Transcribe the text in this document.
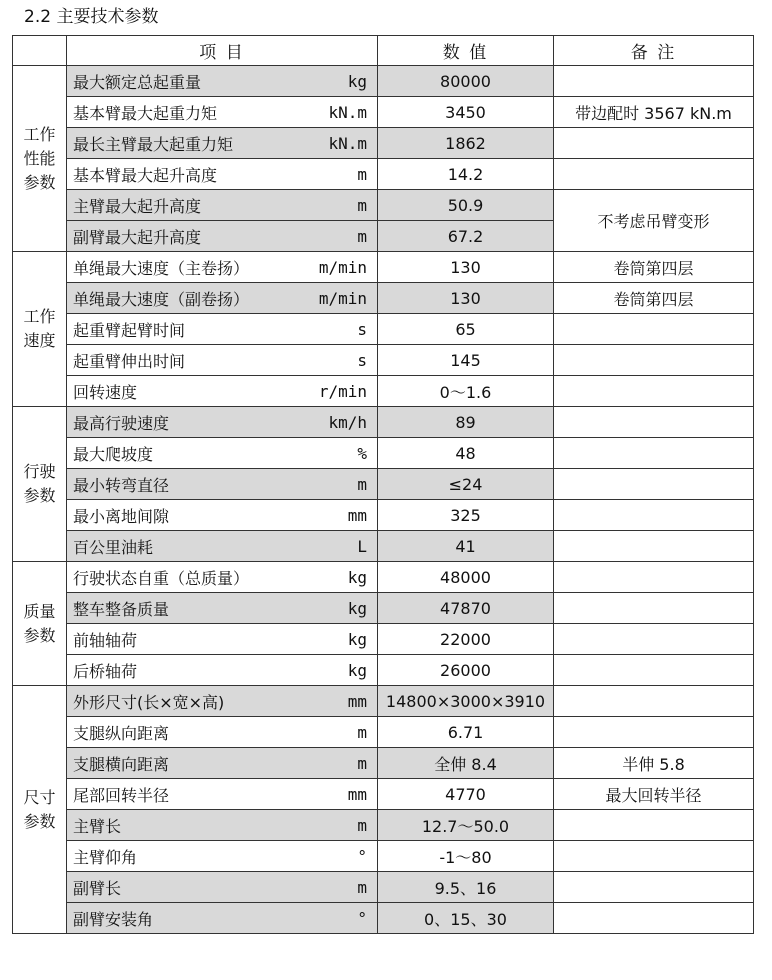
2.2 主要技术参数
	项 目		数 值	备 注
工作
性能
参数	最大额定总起重量	kg	80000	
	基本臂最大起重力矩	kN.m	3450	带边配时 3567 kN.m
	最长主臂最大起重力矩	kN.m	1862	
	基本臂最大起升高度	m	14.2	
	主臂最大起升高度	m	50.9	不考虑吊臂变形
	副臂最大起升高度	m	67.2	
工作
速度	单绳最大速度（主卷扬）	m/min	130	卷筒第四层
	单绳最大速度（副卷扬）	m/min	130	卷筒第四层
	起重臂起臂时间	s	65	
	起重臂伸出时间	s	145	
	回转速度	r/min	0～1.6	
行驶
参数	最高行驶速度	km/h	89	
	最大爬坡度	%	48	
	最小转弯直径	m	≤24	
	最小离地间隙	mm	325	
	百公里油耗	L	41	
质量
参数	行驶状态自重（总质量）	kg	48000	
	整车整备质量	kg	47870	
	前轴轴荷	kg	22000	
	后桥轴荷	kg	26000	
尺寸
参数	外形尺寸(长×宽×高)	mm	14800×3000×3910	
	支腿纵向距离	m	6.71	
	支腿横向距离	m	全伸 8.4	半伸 5.8
	尾部回转半径	mm	4770	最大回转半径
	主臂长	m	12.7～50.0	
	主臂仰角	°	-1～80	
	副臂长	m	9.5、16	
	副臂安装角	°	0、15、30	
